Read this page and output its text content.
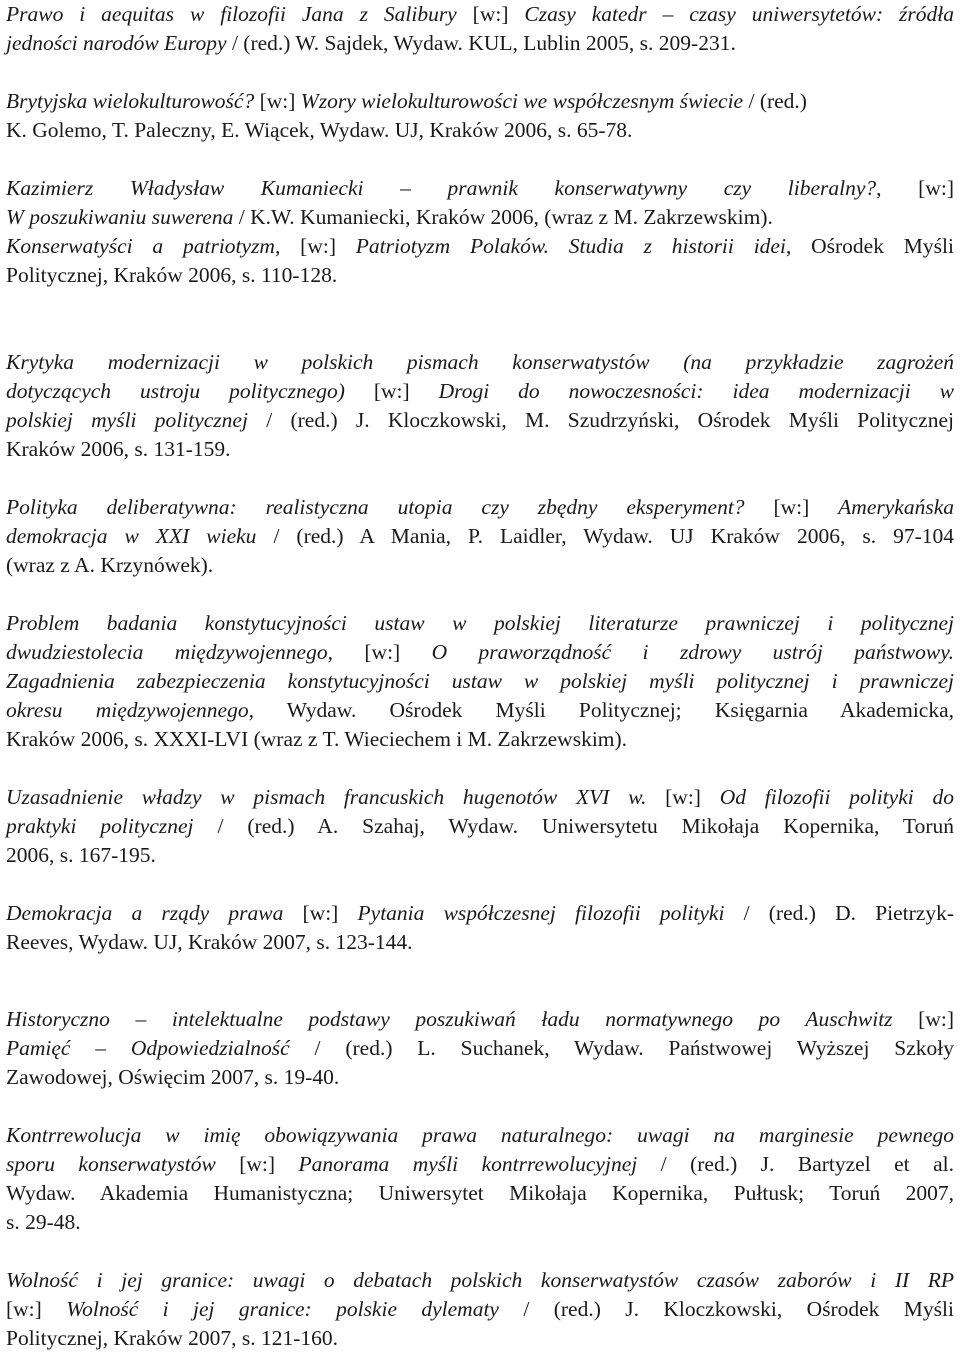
Prawo i aequitas w filozofii Jana z Salibury [w:] Czasy katedr – czasy uniwersytetów: źródła
jedności narodów Europy / (red.) W. Sajdek, Wydaw. KUL, Lublin 2005, s. 209-231.
Brytyjska wielokulturowość? [w:] Wzory wielokulturowości we współczesnym świecie / (red.)
K. Golemo, T. Paleczny, E. Wiącek, Wydaw. UJ, Kraków 2006, s. 65-78.
Kazimierz Władysław Kumaniecki – prawnik konserwatywny czy liberalny?, [w:]
W poszukiwaniu suwerena / K.W. Kumaniecki, Kraków 2006, (wraz z M. Zakrzewskim).
Konserwatyści a patriotyzm, [w:] Patriotyzm Polaków. Studia z historii idei, Ośrodek Myśli
Politycznej, Kraków 2006, s. 110-128.
Krytyka modernizacji w polskich pismach konserwatystów (na przykładzie zagrożeń
dotyczących ustroju politycznego) [w:] Drogi do nowoczesności: idea modernizacji w
polskiej myśli politycznej / (red.) J. Kloczkowski, M. Szudrzyński, Ośrodek Myśli Politycznej
Kraków 2006, s. 131-159.
Polityka deliberatywna: realistyczna utopia czy zbędny eksperyment? [w:] Amerykańska
demokracja w XXI wieku / (red.) A Mania, P. Laidler, Wydaw. UJ Kraków 2006, s. 97-104
(wraz z A. Krzynówek).
Problem badania konstytucyjności ustaw w polskiej literaturze prawniczej i politycznej
dwudziestolecia międzywojennego, [w:] O praworządność i zdrowy ustrój państwowy.
Zagadnienia zabezpieczenia konstytucyjności ustaw w polskiej myśli politycznej i prawniczej
okresu międzywojennego, Wydaw. Ośrodek Myśli Politycznej; Księgarnia Akademicka,
Kraków 2006, s. XXXI-LVI (wraz z T. Wieciechem i M. Zakrzewskim).
Uzasadnienie władzy w pismach francuskich hugenotów XVI w. [w:] Od filozofii polityki do
praktyki politycznej / (red.) A. Szahaj, Wydaw. Uniwersytetu Mikołaja Kopernika, Toruń
2006, s. 167-195.
Demokracja a rządy prawa [w:] Pytania współczesnej filozofii polityki / (red.) D. Pietrzyk-
Reeves, Wydaw. UJ, Kraków 2007, s. 123-144.
Historyczno – intelektualne podstawy poszukiwań ładu normatywnego po Auschwitz [w:]
Pamięć – Odpowiedzialność / (red.) L. Suchanek, Wydaw. Państwowej Wyższej Szkoły
Zawodowej, Oświęcim 2007, s. 19-40.
Kontrrewolucja w imię obowiązywania prawa naturalnego: uwagi na marginesie pewnego
sporu konserwatystów [w:] Panorama myśli kontrrewolucyjnej / (red.) J. Bartyzel et al.
Wydaw. Akademia Humanistyczna; Uniwersytet Mikołaja Kopernika, Pułtusk; Toruń 2007,
s. 29-48.
Wolność i jej granice: uwagi o debatach polskich konserwatystów czasów zaborów i II RP
[w:] Wolność i jej granice: polskie dylematy / (red.) J. Kloczkowski, Ośrodek Myśli
Politycznej, Kraków 2007, s. 121-160.
